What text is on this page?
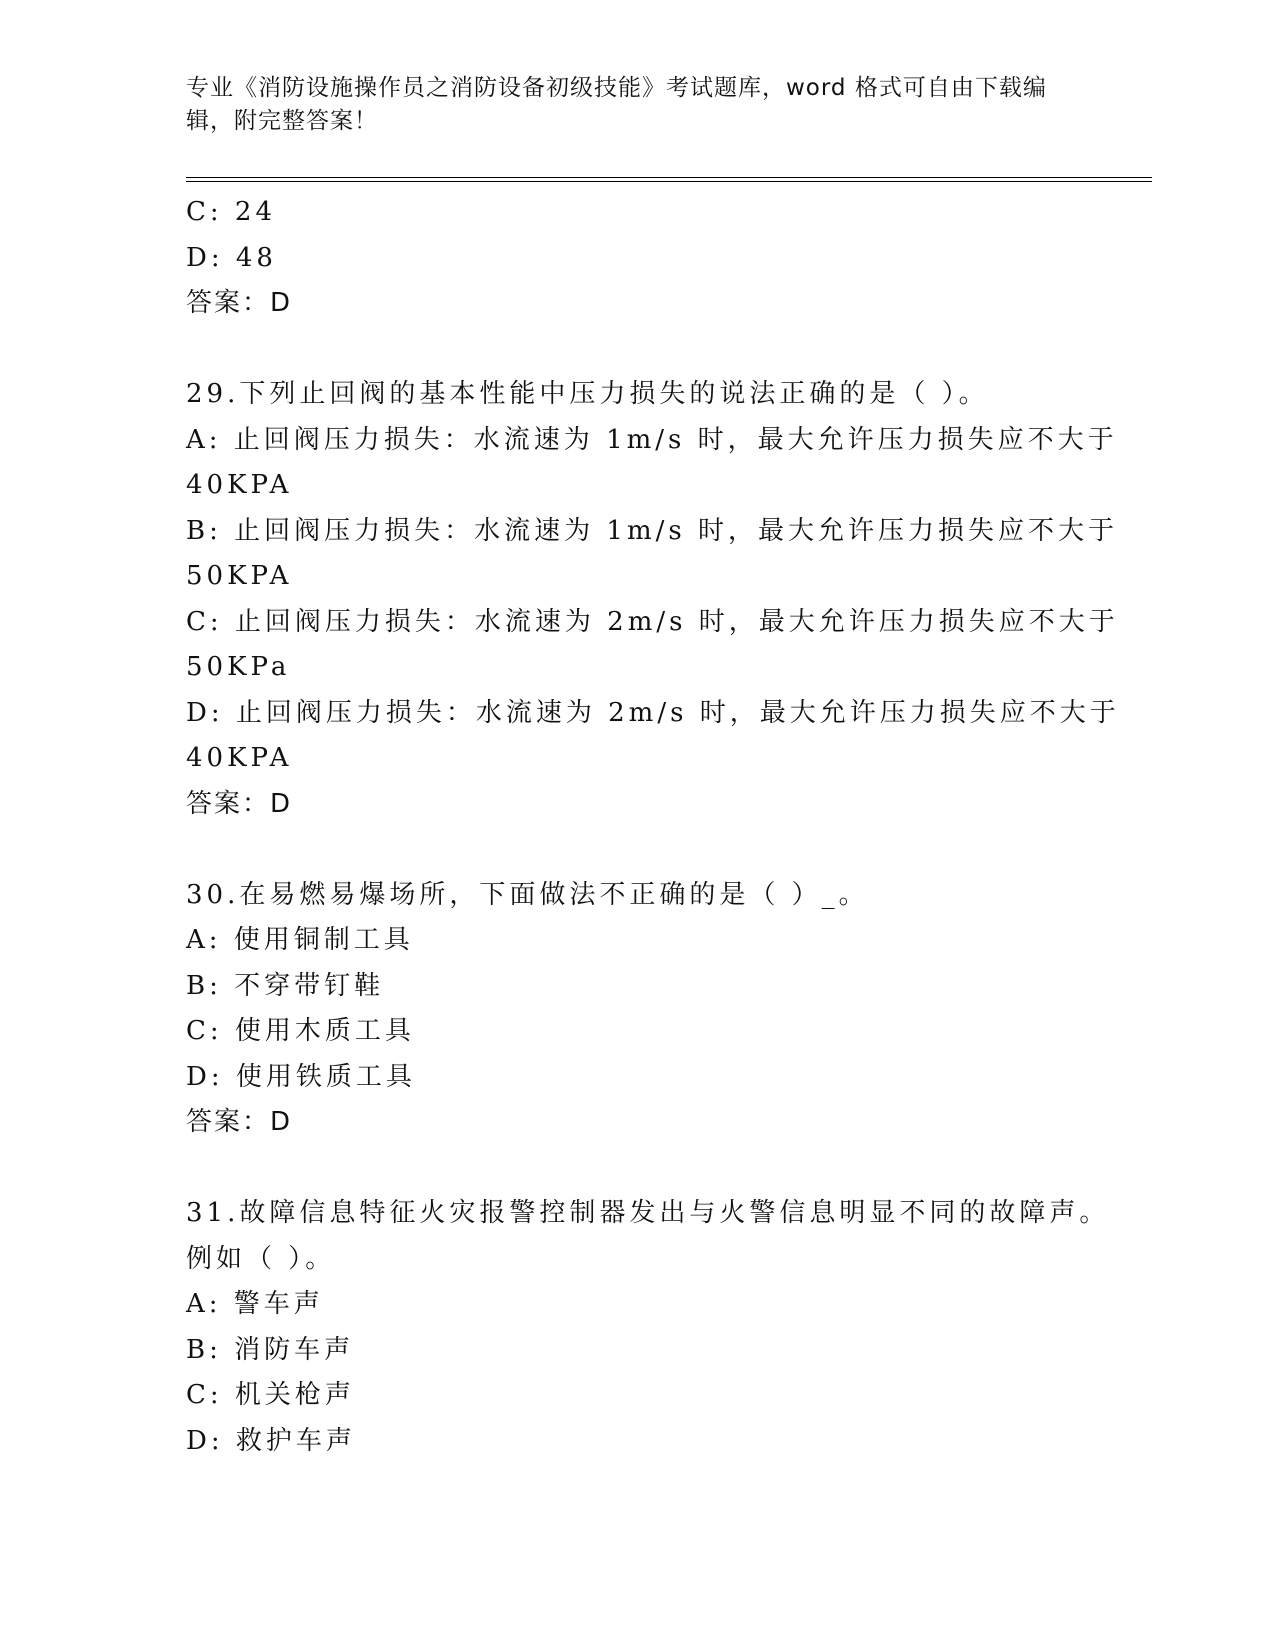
专业《消防设施操作员之消防设备初级技能》考试题库，word 格式可自由下载编
辑，附完整答案！
C: 24
D: 48
答案：D
29.下列止回阀的基本性能中压力损失的说法正确的是（ ）。
A: 止回阀压力损失：水流速为 1m/s 时，最大允许压力损失应不大于
40KPA
B: 止回阀压力损失：水流速为 1m/s 时，最大允许压力损失应不大于
50KPA
C: 止回阀压力损失：水流速为 2m/s 时，最大允许压力损失应不大于
50KPa
D: 止回阀压力损失：水流速为 2m/s 时，最大允许压力损失应不大于
40KPA
答案：D
30.在易燃易爆场所，下面做法不正确的是（ ）_。
A: 使用铜制工具
B: 不穿带钉鞋
C: 使用木质工具
D: 使用铁质工具
答案：D
31.故障信息特征火灾报警控制器发出与火警信息明显不同的故障声。
例如（ ）。
A: 警车声
B: 消防车声
C: 机关枪声
D: 救护车声
